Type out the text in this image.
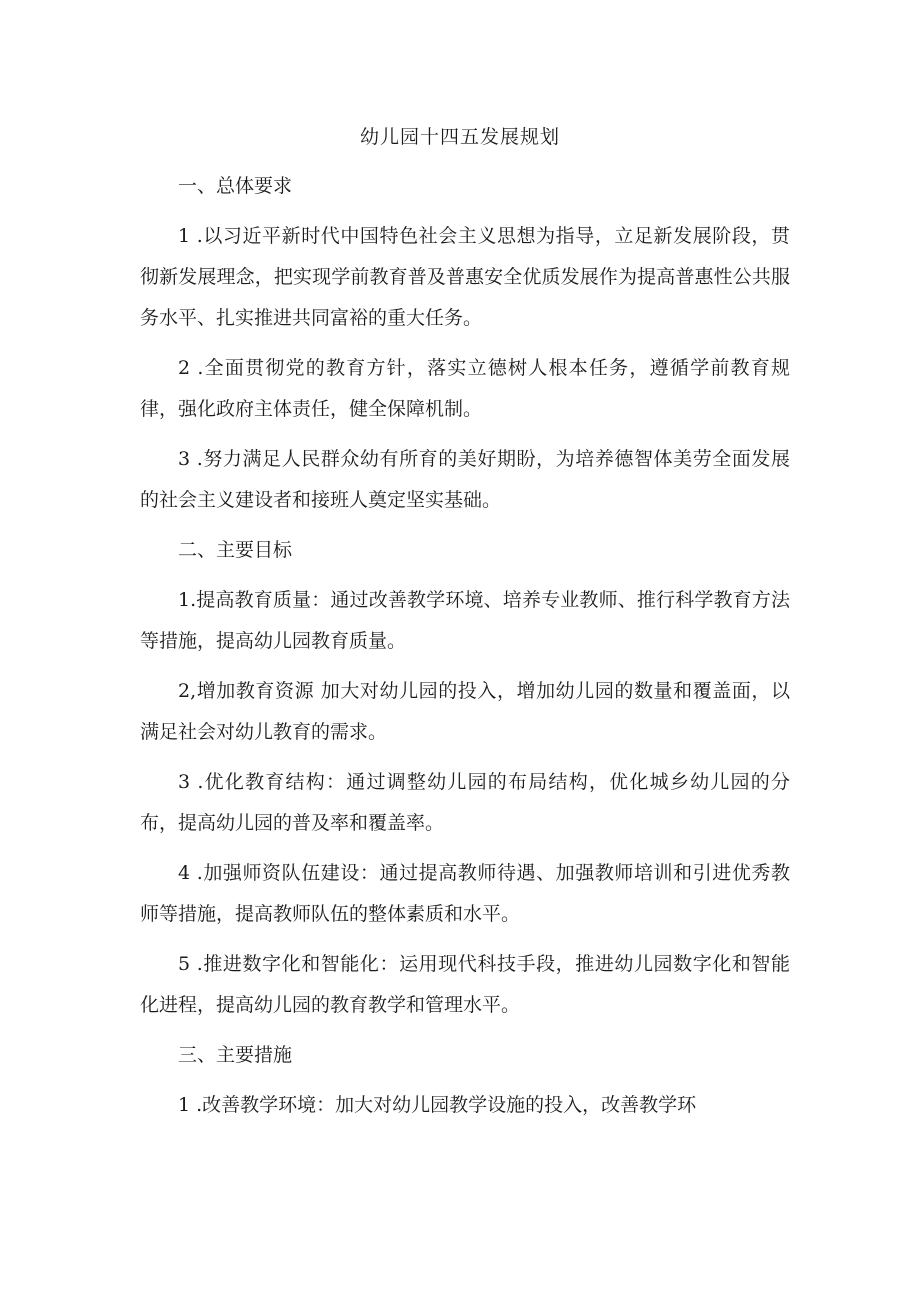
幼儿园十四五发展规划

一、总体要求

1 .以习近平新时代中国特色社会主义思想为指导，立足新发展阶段，贯彻新发展理念，把实现学前教育普及普惠安全优质发展作为提高普惠性公共服务水平、扎实推进共同富裕的重大任务。

2 .全面贯彻党的教育方针，落实立德树人根本任务，遵循学前教育规律，强化政府主体责任，健全保障机制。

3 .努力满足人民群众幼有所育的美好期盼，为培养德智体美劳全面发展的社会主义建设者和接班人奠定坚实基础。

二、主要目标

1.提高教育质量：通过改善教学环境、培养专业教师、推行科学教育方法等措施，提高幼儿园教育质量。

2,增加教育资源 加大对幼儿园的投入，增加幼儿园的数量和覆盖面，以满足社会对幼儿教育的需求。

3 .优化教育结构：通过调整幼儿园的布局结构，优化城乡幼儿园的分布，提高幼儿园的普及率和覆盖率。

4 .加强师资队伍建设：通过提高教师待遇、加强教师培训和引进优秀教师等措施，提高教师队伍的整体素质和水平。

5 .推进数字化和智能化：运用现代科技手段，推进幼儿园数字化和智能化进程，提高幼儿园的教育教学和管理水平。

三、主要措施

1 .改善教学环境：加大对幼儿园教学设施的投入，改善教学环
